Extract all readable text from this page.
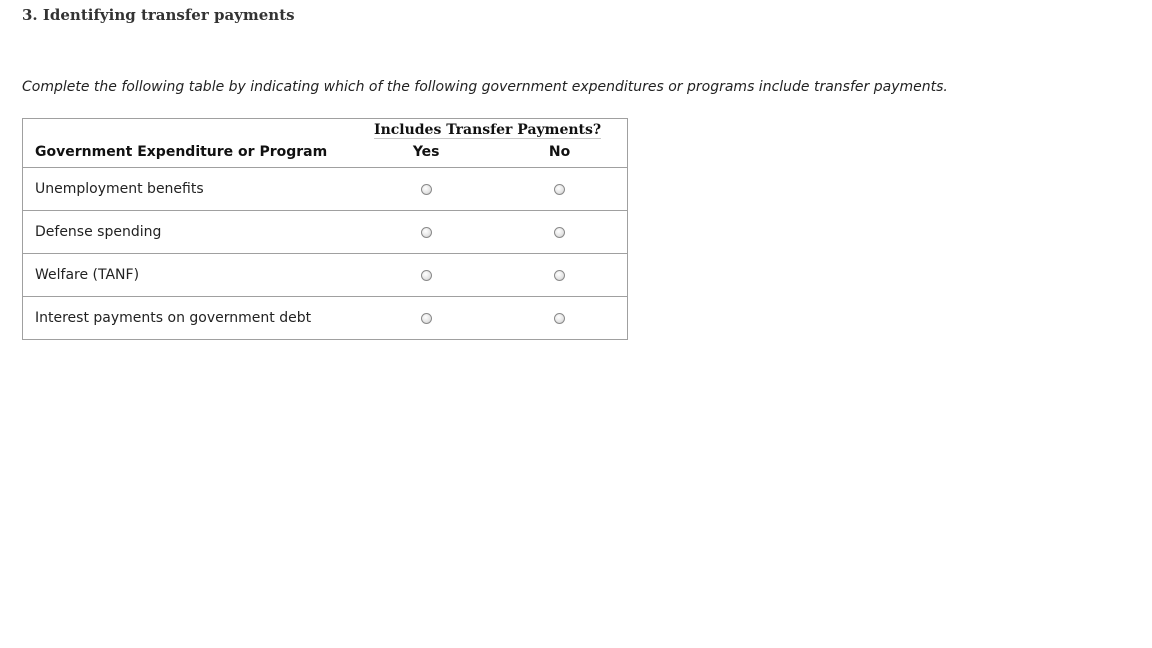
3. Identifying transfer payments

Complete the following table by indicating which of the following government expenditures or programs include transfer payments.

	Includes Transfer Payments?	
Government Expenditure or Program	Yes	No
Unemployment benefits		
Defense spending		
Welfare (TANF)		
Interest payments on government debt		
